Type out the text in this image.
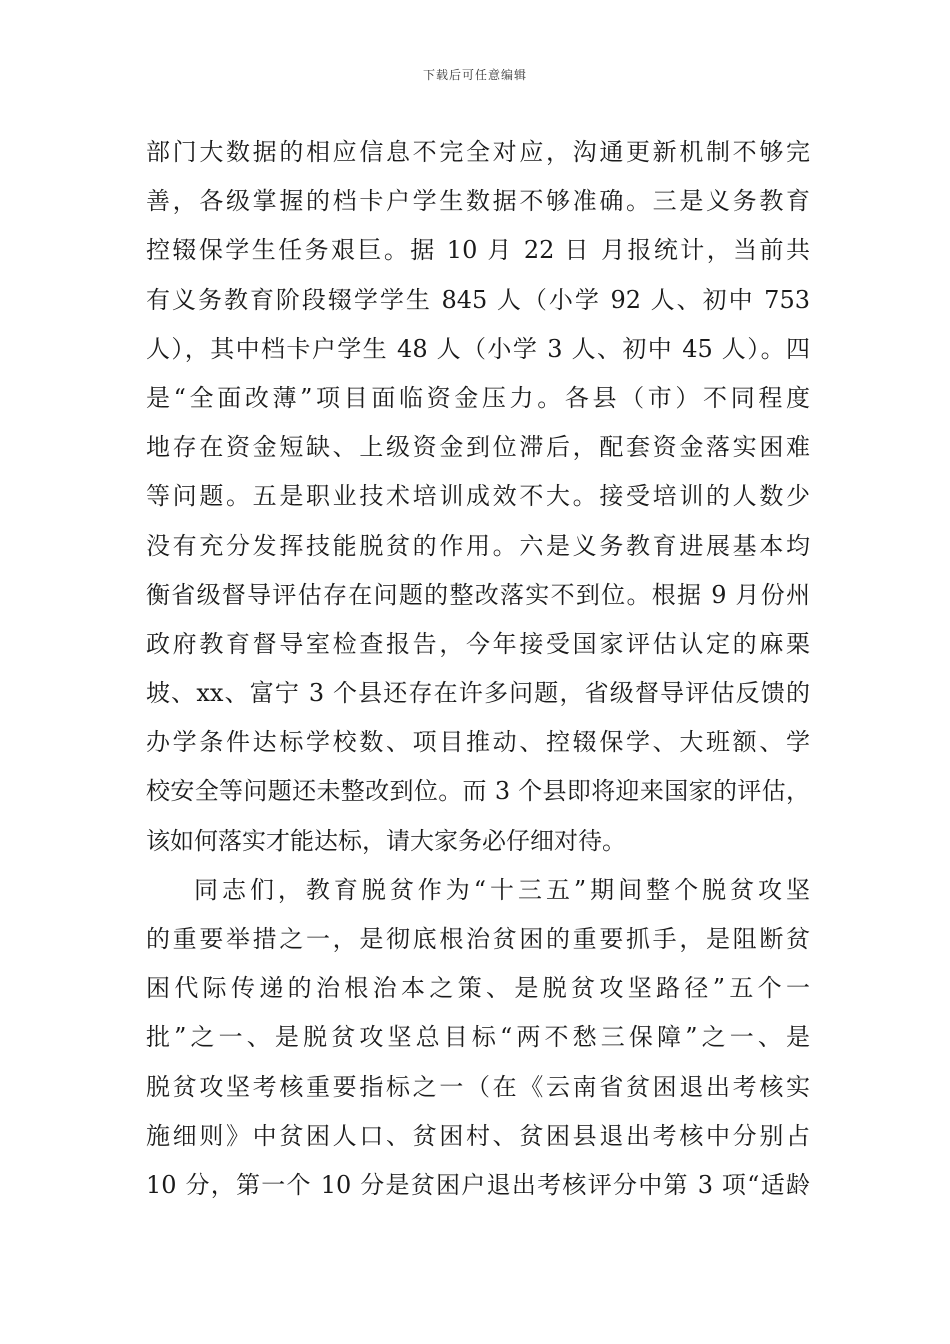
下载后可任意编辑
部门大数据的相应信息不完全对应，沟通更新机制不够完
善，各级掌握的档卡户学生数据不够准确。三是义务教育
控辍保学生任务艰巨。据 10 月 22 日 月报统计，当前共
有义务教育阶段辍学学生 845 人（小学 92 人、初中 753
人），其中档卡户学生 48 人（小学 3 人、初中 45 人）。四
是“全面改薄”项目面临资金压力。各县（市）不同程度
地存在资金短缺、上级资金到位滞后，配套资金落实困难
等问题。五是职业技术培训成效不大。接受培训的人数少
没有充分发挥技能脱贫的作用。六是义务教育进展基本均
衡省级督导评估存在问题的整改落实不到位。根据 9 月份州
政府教育督导室检查报告，今年接受国家评估认定的麻栗
坡、xx、富宁 3 个县还存在许多问题，省级督导评估反馈的
办学条件达标学校数、项目推动、控辍保学、大班额、学
校安全等问题还未整改到位。而 3 个县即将迎来国家的评估，
该如何落实才能达标，请大家务必仔细对待。
同志们，教育脱贫作为“十三五”期间整个脱贫攻坚
的重要举措之一，是彻底根治贫困的重要抓手，是阻断贫
困代际传递的治根治本之策、是脱贫攻坚路径”五个一
批”之一、是脱贫攻坚总目标“两不愁三保障”之一、是
脱贫攻坚考核重要指标之一（在《云南省贫困退出考核实
施细则》中贫困人口、贫困村、贫困县退出考核中分别占
10 分，第一个 10 分是贫困户退出考核评分中第 3 项“适龄
